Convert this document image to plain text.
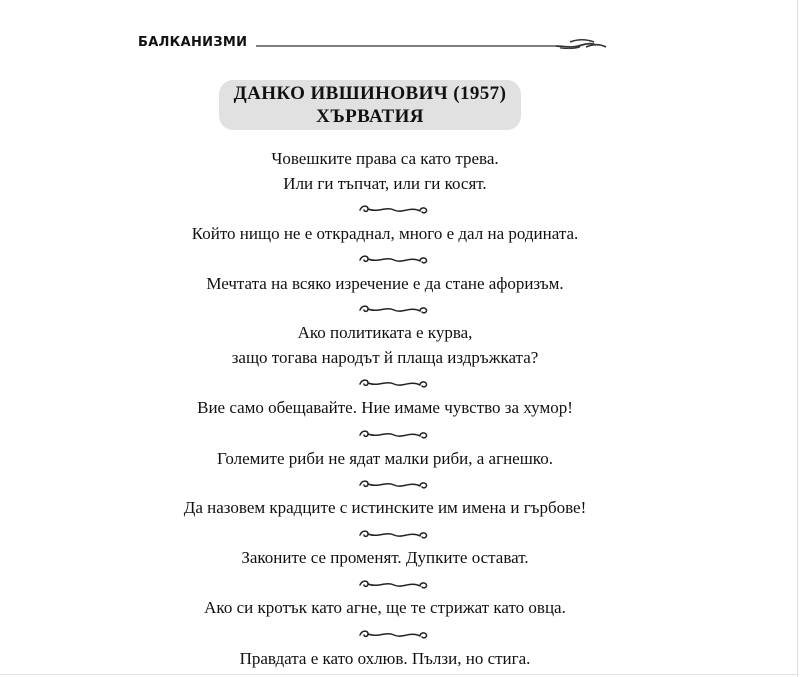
БАЛКАНИЗМИ
ДАНКО ИВШИНОВИЧ (1957)
ХЪРВАТИЯ
Човешките права са като трева.
Или ги тъпчат, или ги косят.
Който нищо не е откраднал, много е дал на родината.
Мечтата на всяко изречение е да стане афоризъм.
Ако политиката е курва,
защо тогава народът й плаща издръжката?
Вие само обещавайте. Ние имаме чувство за хумор!
Големите риби не ядат малки риби, а агнешко.
Да назовем крадците с истинските им имена и гърбове!
Законите се променят. Дупките остават.
Ако си кротък като агне, ще те стрижат като овца.
Правдата е като охлюв. Пълзи, но стига.
